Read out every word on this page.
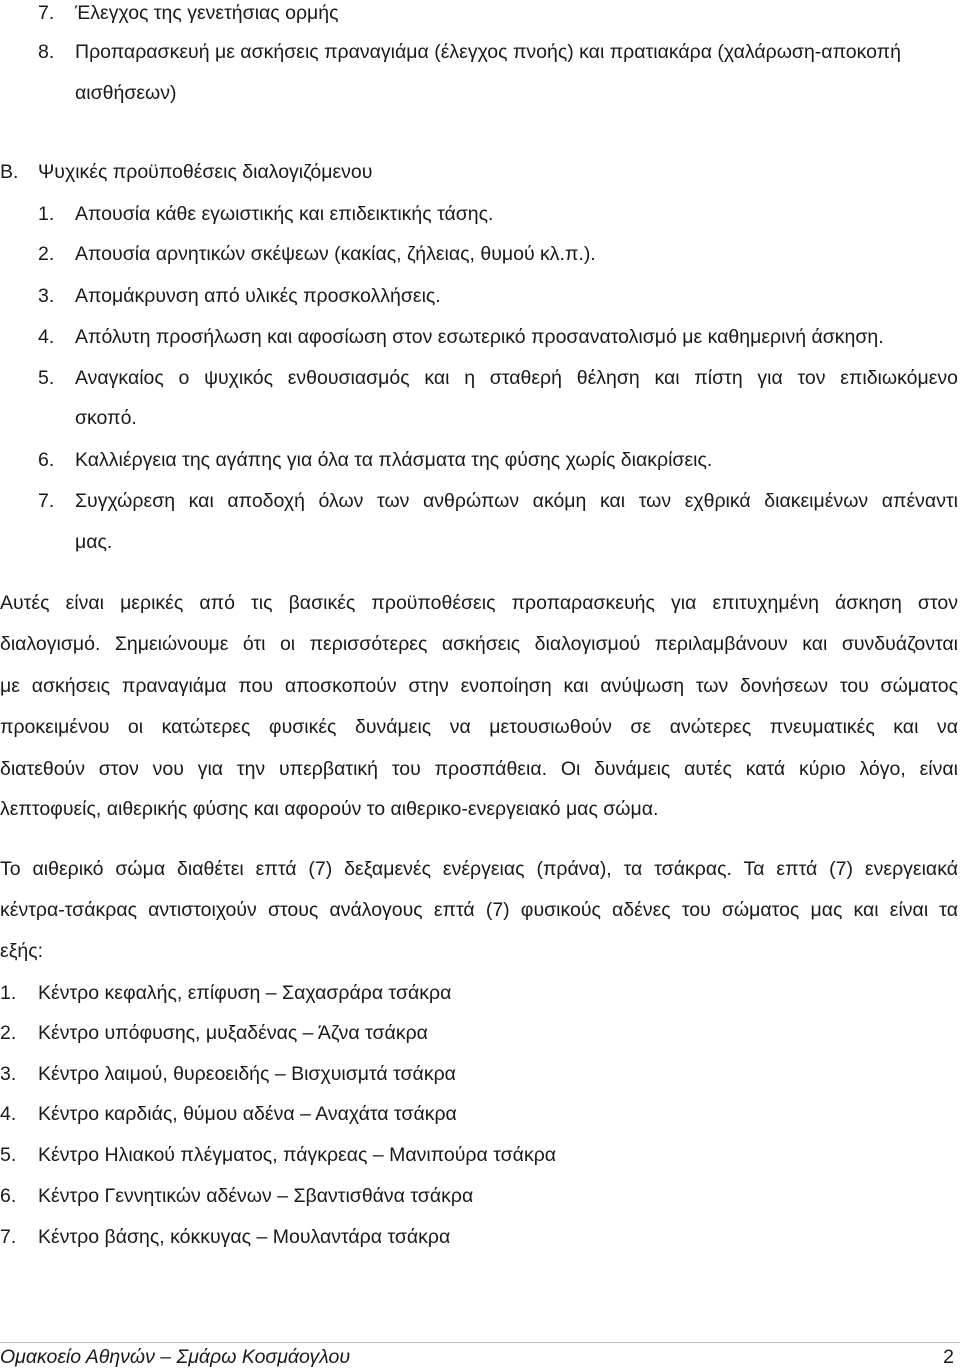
7. Έλεγχος της γενετήσιας ορμής
8. Προπαρασκευή με ασκήσεις πραναγιάμα (έλεγχος πνοής) και πρατιακάρα (χαλάρωση-αποκοπή
αισθήσεων)
Β. Ψυχικές προϋποθέσεις διαλογιζόμενου
1. Απουσία κάθε εγωιστικής και επιδεικτικής τάσης.
2. Απουσία αρνητικών σκέψεων (κακίας, ζήλειας, θυμού κλ.π.).
3. Απομάκρυνση από υλικές προσκολλήσεις.
4. Απόλυτη προσήλωση και αφοσίωση στον εσωτερικό προσανατολισμό με καθημερινή άσκηση.
5. Αναγκαίος ο ψυχικός ενθουσιασμός και η σταθερή θέληση και πίστη για τον επιδιωκόμενο
σκοπό.
6. Καλλιέργεια της αγάπης για όλα τα πλάσματα της φύσης χωρίς διακρίσεις.
7. Συγχώρεση και αποδοχή όλων των ανθρώπων ακόμη και των εχθρικά διακειμένων απέναντι
μας.
Αυτές είναι μερικές από τις βασικές προϋποθέσεις προπαρασκευής για επιτυχημένη άσκηση στον
διαλογισμό. Σημειώνουμε ότι οι περισσότερες ασκήσεις διαλογισμού περιλαμβάνουν και συνδυάζονται
με ασκήσεις πραναγιάμα που αποσκοπούν στην ενοποίηση και ανύψωση των δονήσεων του σώματος
προκειμένου οι κατώτερες φυσικές δυνάμεις να μετουσιωθούν σε ανώτερες πνευματικές και να
διατεθούν στον νου για την υπερβατική του προσπάθεια. Οι δυνάμεις αυτές κατά κύριο λόγο, είναι
λεπτοφυείς, αιθερικής φύσης και αφορούν το αιθερικο-ενεργειακό μας σώμα.
Το αιθερικό σώμα διαθέτει επτά (7) δεξαμενές ενέργειας (πράνα), τα τσάκρας. Τα επτά (7) ενεργειακά
κέντρα-τσάκρας αντιστοιχούν στους ανάλογους επτά (7) φυσικούς αδένες του σώματος μας και είναι τα
εξής:
1. Κέντρο κεφαλής, επίφυση – Σαχασράρα τσάκρα
2. Κέντρο υπόφυσης, μυξαδένας – Άζνα τσάκρα
3. Κέντρο λαιμού, θυρεοειδής – Βισχυισμτά τσάκρα
4. Κέντρο καρδιάς, θύμου αδένα – Αναχάτα τσάκρα
5. Κέντρο Ηλιακού πλέγματος, πάγκρεας – Μανιπούρα τσάκρα
6. Κέντρο Γεννητικών αδένων – Σβαντισθάνα τσάκρα
7. Κέντρο βάσης, κόκκυγας – Μουλαντάρα τσάκρα
Ομακοείο Αθηνών – Σμάρω Κοσμάογλου	2
